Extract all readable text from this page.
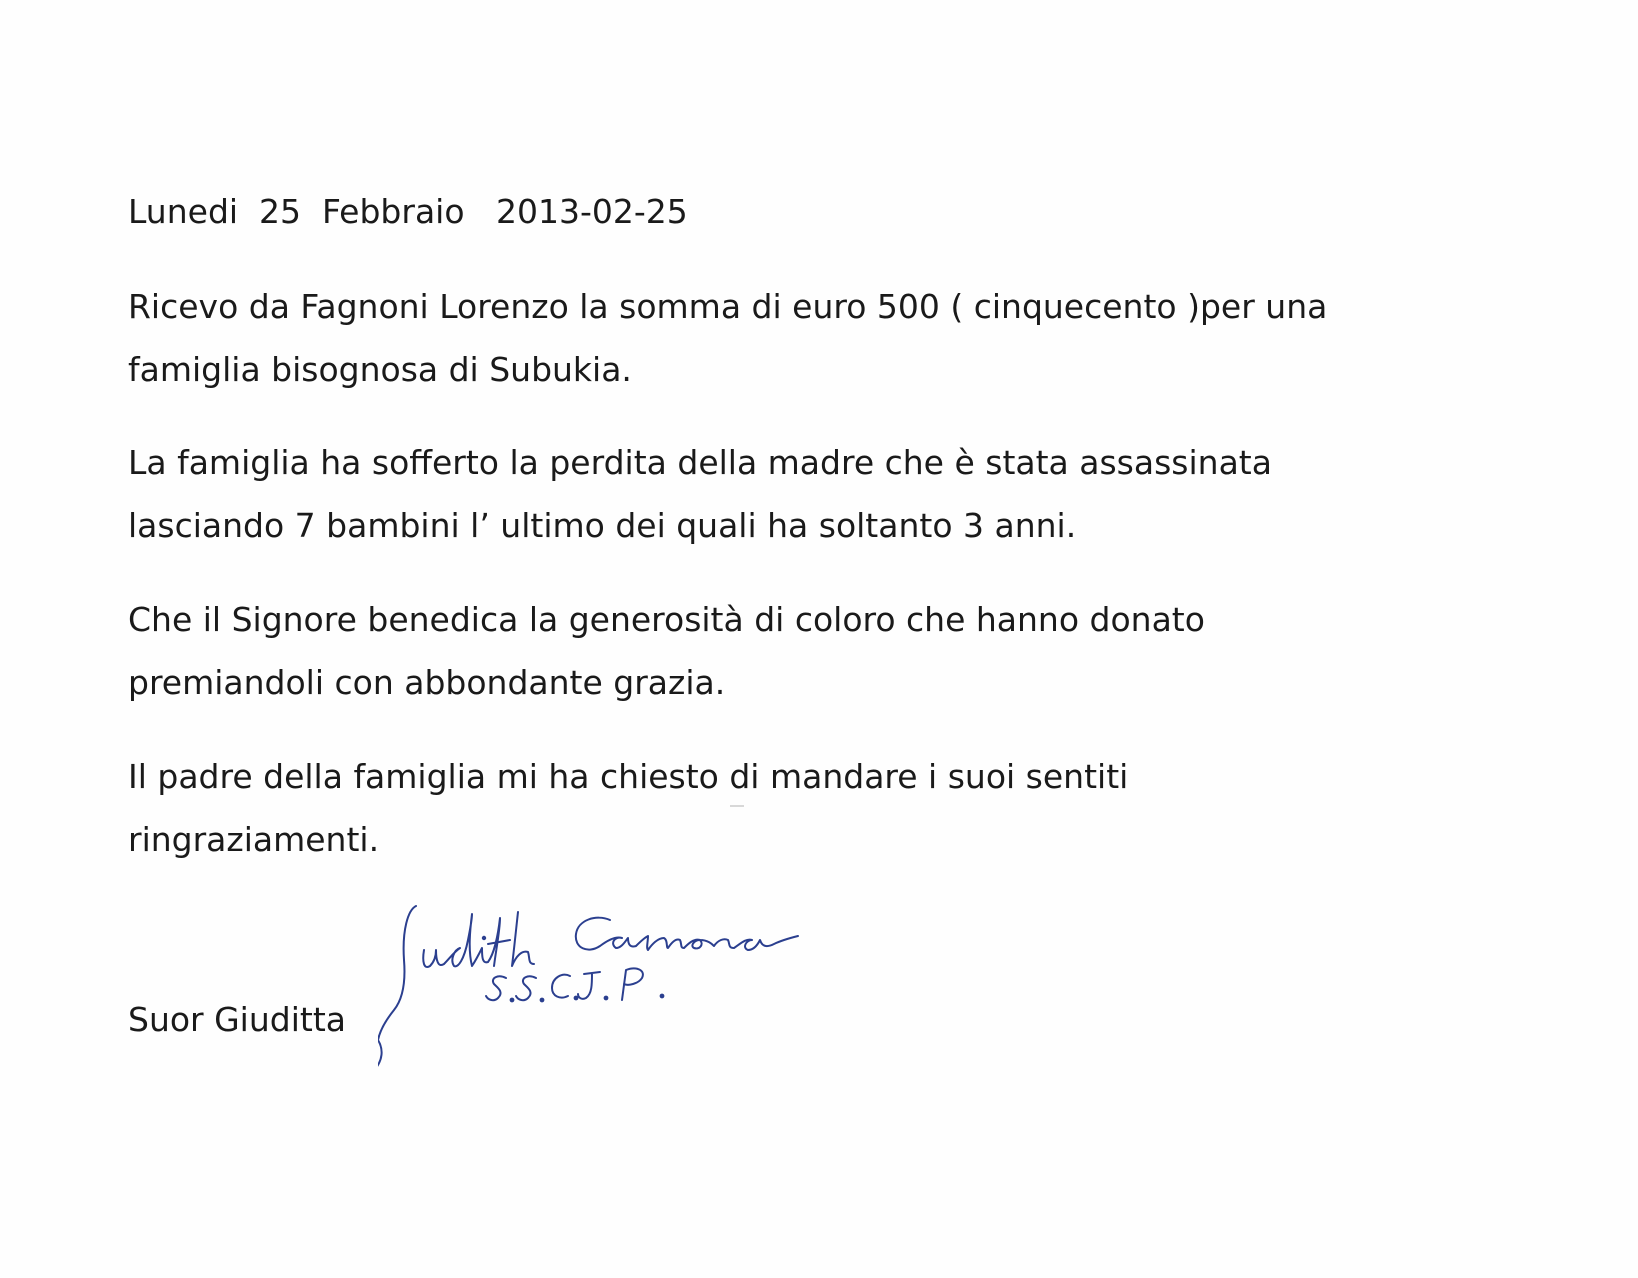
Lunedi  25  Febbraio   2013-02-25
Ricevo da Fagnoni Lorenzo la somma di euro 500 ( cinquecento )per una
famiglia bisognosa di Subukia.
La famiglia ha sofferto la perdita della madre che è stata assassinata
lasciando 7 bambini l’ ultimo dei quali ha soltanto 3 anni.
Che il Signore benedica la generosità di coloro che hanno donato
premiandoli con abbondante grazia.
Il padre della famiglia mi ha chiesto di mandare i suoi sentiti
ringraziamenti.
Suor Giuditta
